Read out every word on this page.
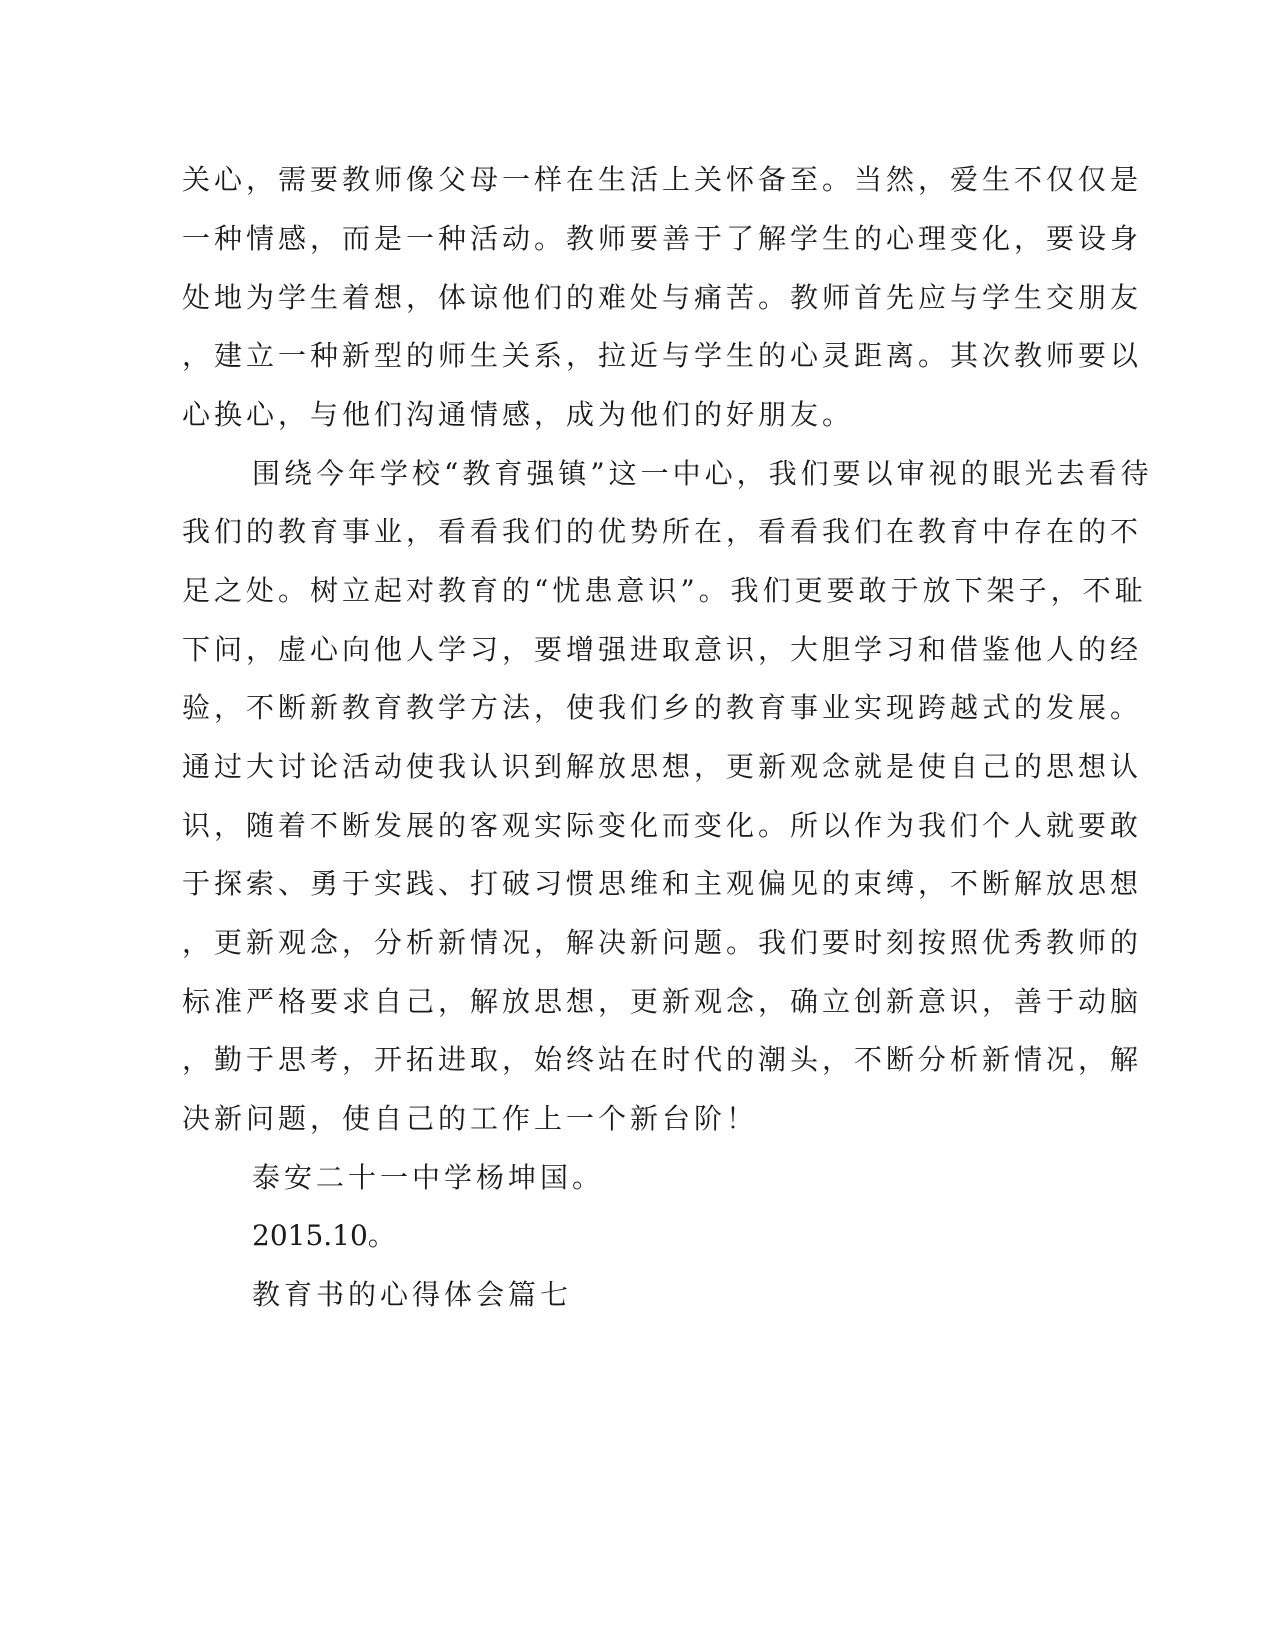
关心，需要教师像父母一样在生活上关怀备至。当然，爱生不仅仅是
一种情感，而是一种活动。教师要善于了解学生的心理变化，要设身
处地为学生着想，体谅他们的难处与痛苦。教师首先应与学生交朋友
，建立一种新型的师生关系，拉近与学生的心灵距离。其次教师要以
心换心，与他们沟通情感，成为他们的好朋友。
围绕今年学校“教育强镇”这一中心，我们要以审视的眼光去看待
我们的教育事业，看看我们的优势所在，看看我们在教育中存在的不
足之处。树立起对教育的“忧患意识”。我们更要敢于放下架子，不耻
下问，虚心向他人学习，要增强进取意识，大胆学习和借鉴他人的经
验，不断新教育教学方法，使我们乡的教育事业实现跨越式的发展。
通过大讨论活动使我认识到解放思想，更新观念就是使自己的思想认
识，随着不断发展的客观实际变化而变化。所以作为我们个人就要敢
于探索、勇于实践、打破习惯思维和主观偏见的束缚，不断解放思想
，更新观念，分析新情况，解决新问题。我们要时刻按照优秀教师的
标准严格要求自己，解放思想，更新观念，确立创新意识，善于动脑
，勤于思考，开拓进取，始终站在时代的潮头，不断分析新情况，解
决新问题，使自己的工作上一个新台阶！
泰安二十一中学杨坤国。
2015.10。
教育书的心得体会篇七
